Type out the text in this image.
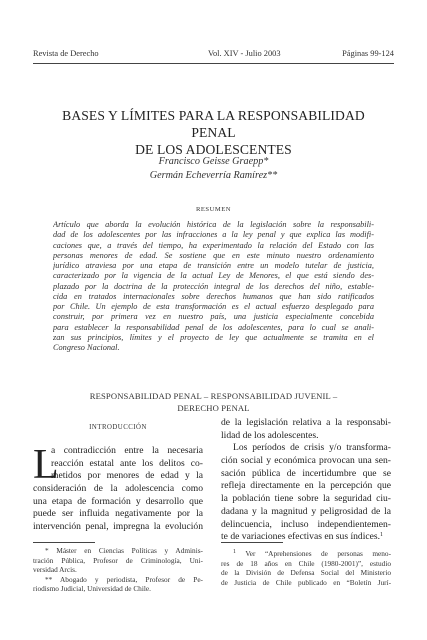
Revista de Derecho	Vol. XIV - Julio 2003	Páginas 99-124
BASES Y LÍMITES PARA LA RESPONSABILIDAD PENAL
DE LOS ADOLESCENTES
Francisco Geisse Graepp*
Germán Echeverría Ramírez**
RESUMEN
Artículo que aborda la evolución histórica de la legislación sobre la responsabili-
dad de los adolescentes por las infracciones a la ley penal y que explica las modifi-
caciones que, a través del tiempo, ha experimentado la relación del Estado con las
personas menores de edad. Se sostiene que en este minuto nuestro ordenamiento
jurídico atraviesa por una etapa de transición entre un modelo tutelar de justicia,
caracterizado por la vigencia de la actual Ley de Menores, el que está siendo des-
plazado por la doctrina de la protección integral de los derechos del niño, estable-
cida en tratados internacionales sobre derechos humanos que han sido ratificados
por Chile. Un ejemplo de esta transformación es el actual esfuerzo desplegado para
construir, por primera vez en nuestro país, una justicia especialmente concebida
para establecer la responsabilidad penal de los adolescentes, para lo cual se anali-
zan sus principios, límites y el proyecto de ley que actualmente se tramita en el
Congreso Nacional.
RESPONSABILIDAD PENAL – RESPONSABILIDAD JUVENIL –
DERECHO PENAL
INTRODUCCIÓN
L
a contradicción entre la necesaria
reacción estatal ante los delitos co-
metidos por menores de edad y la
consideración de la adolescencia como
una etapa de formación y desarrollo que
puede ser influida negativamente por la
intervención penal, impregna la evolución
de la legislación relativa a la responsabi-
lidad de los adolescentes.
Los períodos de crisis y/o transforma-
ción social y económica provocan una sen-
sación pública de incertidumbre que se
refleja directamente en la percepción que
la población tiene sobre la seguridad ciu-
dadana y la magnitud y peligrosidad de la
delincuencia, incluso independientemen-
te de variaciones efectivas en sus índices.$^1$
* Máster en Ciencias Políticas y Adminis-
tración Pública, Profesor de Criminología, Uni-
versidad Arcis.
** Abogado y periodista, Profesor de Pe-
riodismo Judicial, Universidad de Chile.
$^1$ Ver “Aprehensiones de personas meno-
res de 18 años en Chile (1980-2001)”, estudio
de la División de Defensa Social del Ministerio
de Justicia de Chile publicado en “Boletín Jurí-
